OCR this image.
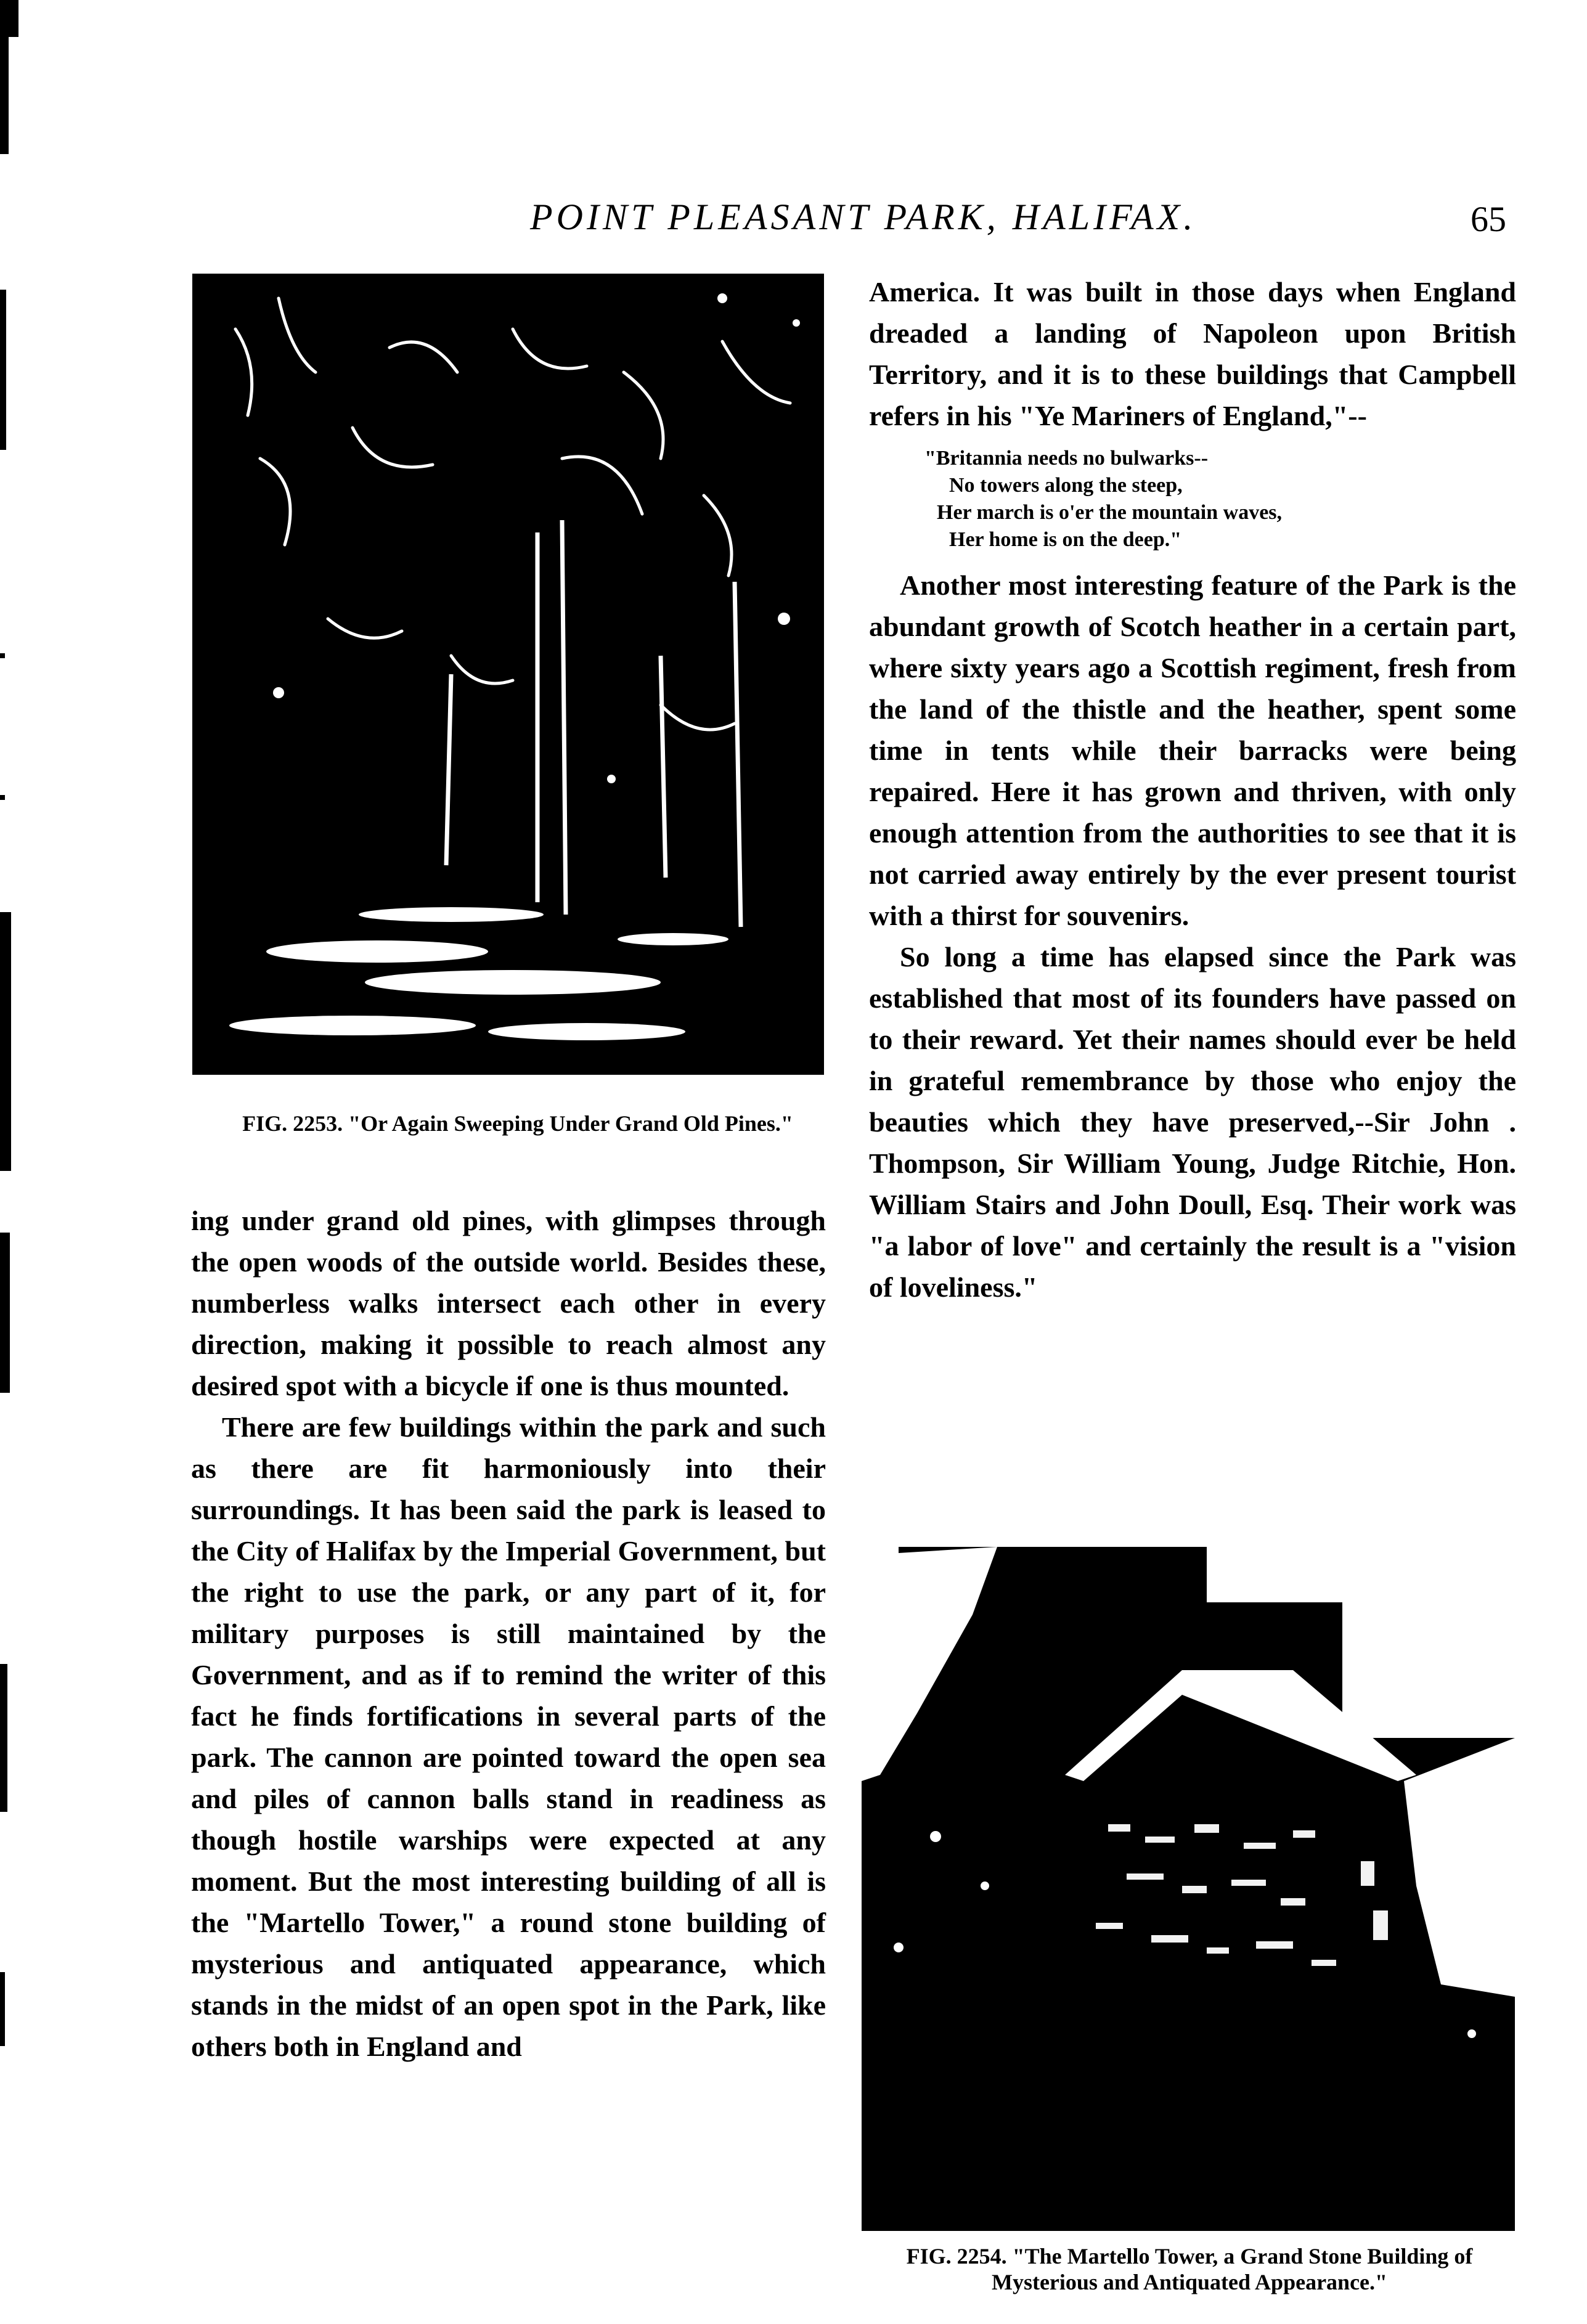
POINT PLEASANT PARK, HALIFAX.	65
FIG. 2253. "Or Again Sweeping Under Grand Old Pines."

ing under grand old pines, with glimpses through the open woods of the outside world. Besides these, numberless walks intersect each other in every direction, making it possible to reach almost any desired spot with a bicycle if one is thus mounted.

There are few buildings within the park and such as there are fit harmoniously into their surroundings. It has been said the park is leased to the City of Halifax by the Imperial Government, but the right to use the park, or any part of it, for military purposes is still maintained by the Government, and as if to remind the writer of this fact he finds fortifications in several parts of the park. The cannon are pointed toward the open sea and piles of cannon balls stand in readiness as though hostile warships were expected at any moment. But the most interesting building of all is the "Martello Tower," a round stone building of mysterious and antiquated appearance, which stands in the midst of an open spot in the Park, like others both in England and

America. It was built in those days when England dreaded a landing of Napoleon upon British Territory, and it is to these buildings that Campbell refers in his "Ye Mariners of England,"--

"Britannia needs no bulwarks--
No towers along the steep,
Her march is o'er the mountain waves,
Her home is on the deep."

Another most interesting feature of the Park is the abundant growth of Scotch heather in a certain part, where sixty years ago a Scottish regiment, fresh from the land of the thistle and the heather, spent some time in tents while their barracks were being repaired. Here it has grown and thriven, with only enough attention from the authorities to see that it is not carried away entirely by the ever present tourist with a thirst for souvenirs.

So long a time has elapsed since the Park was established that most of its founders have passed on to their reward. Yet their names should ever be held in grateful remembrance by those who enjoy the beauties which they have preserved,--Sir John . Thompson, Sir William Young, Judge Ritchie, Hon. William Stairs and John Doull, Esq. Their work was "a labor of love" and certainly the result is a "vision of loveliness."

FIG. 2254. "The Martello Tower, a Grand Stone Building of Mysterious and Antiquated Appearance."
